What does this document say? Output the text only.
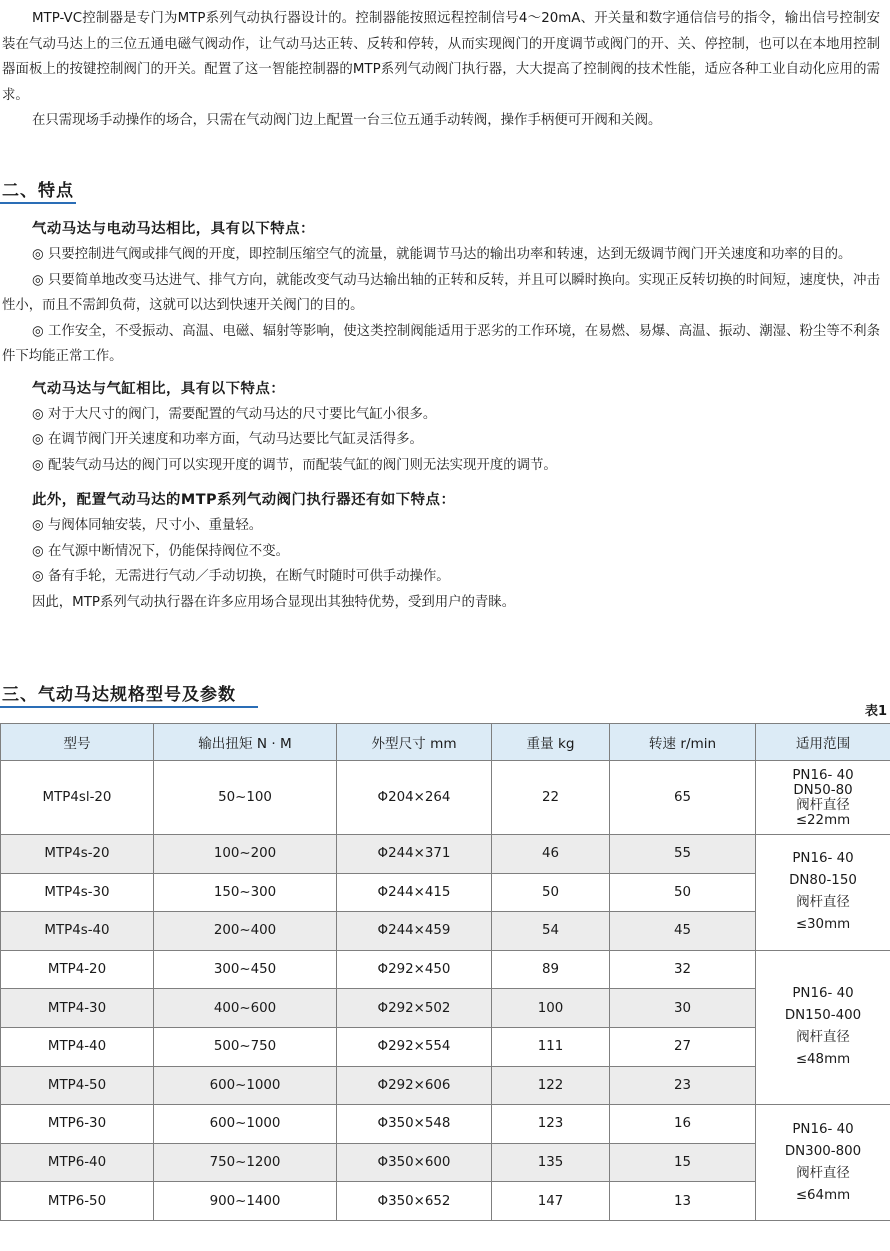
MTP-VC控制器是专门为MTP系列气动执行器设计的。控制器能按照远程控制信号4～20mA、开关量和数字通信信号的指令，输出信号控制安装在气动马达上的三位五通电磁气阀动作，让气动马达正转、反转和停转，从而实现阀门的开度调节或阀门的开、关、停控制，也可以在本地用控制器面板上的按键控制阀门的开关。配置了这一智能控制器的MTP系列气动阀门执行器，大大提高了控制阀的技术性能，适应各种工业自动化应用的需求。

在只需现场手动操作的场合，只需在气动阀门边上配置一台三位五通手动转阀，操作手柄便可开阀和关阀。

二、特点

气动马达与电动马达相比，具有以下特点：

◎ 只要控制进气阀或排气阀的开度，即控制压缩空气的流量，就能调节马达的输出功率和转速，达到无级调节阀门开关速度和功率的目的。

◎ 只要简单地改变马达进气、排气方向，就能改变气动马达输出轴的正转和反转，并且可以瞬时换向。实现正反转切换的时间短，速度快，冲击性小，而且不需卸负荷，这就可以达到快速开关阀门的目的。

◎ 工作安全，不受振动、高温、电磁、辐射等影响，使这类控制阀能适用于恶劣的工作环境，在易燃、易爆、高温、振动、潮湿、粉尘等不利条件下均能正常工作。

气动马达与气缸相比，具有以下特点：

◎ 对于大尺寸的阀门，需要配置的气动马达的尺寸要比气缸小很多。

◎ 在调节阀门开关速度和功率方面，气动马达要比气缸灵活得多。

◎ 配装气动马达的阀门可以实现开度的调节，而配装气缸的阀门则无法实现开度的调节。

此外，配置气动马达的MTP系列气动阀门执行器还有如下特点：

◎ 与阀体同轴安装，尺寸小、重量轻。

◎ 在气源中断情况下，仍能保持阀位不变。

◎ 备有手轮，无需进行气动／手动切换，在断气时随时可供手动操作。

因此，MTP系列气动执行器在许多应用场合显现出其独特优势，受到用户的青睐。

三、气动马达规格型号及参数
表1
型号	输出扭矩 N · M	外型尺寸 mm	重量 kg	转速 r/min	适用范围
MTP4sl-20	50~100	Φ204×264	22	65	PN16- 40
DN50-80
阀杆直径
≤22mm

MTP4s-20	100~200	Φ244×371	46	55	PN16- 40
DN80-150
阀杆直径
≤30mm

MTP4s-30	150~300	Φ244×415	50	50	
MTP4s-40	200~400	Φ244×459	54	45	
MTP4-20	300~450	Φ292×450	89	32	PN16- 40
DN150-400
阀杆直径
≤48mm

MTP4-30	400~600	Φ292×502	100	30	
MTP4-40	500~750	Φ292×554	111	27	
MTP4-50	600~1000	Φ292×606	122	23	
MTP6-30	600~1000	Φ350×548	123	16	PN16- 40
DN300-800
阀杆直径
≤64mm

MTP6-40	750~1200	Φ350×600	135	15	
MTP6-50	900~1400	Φ350×652	147	13	
